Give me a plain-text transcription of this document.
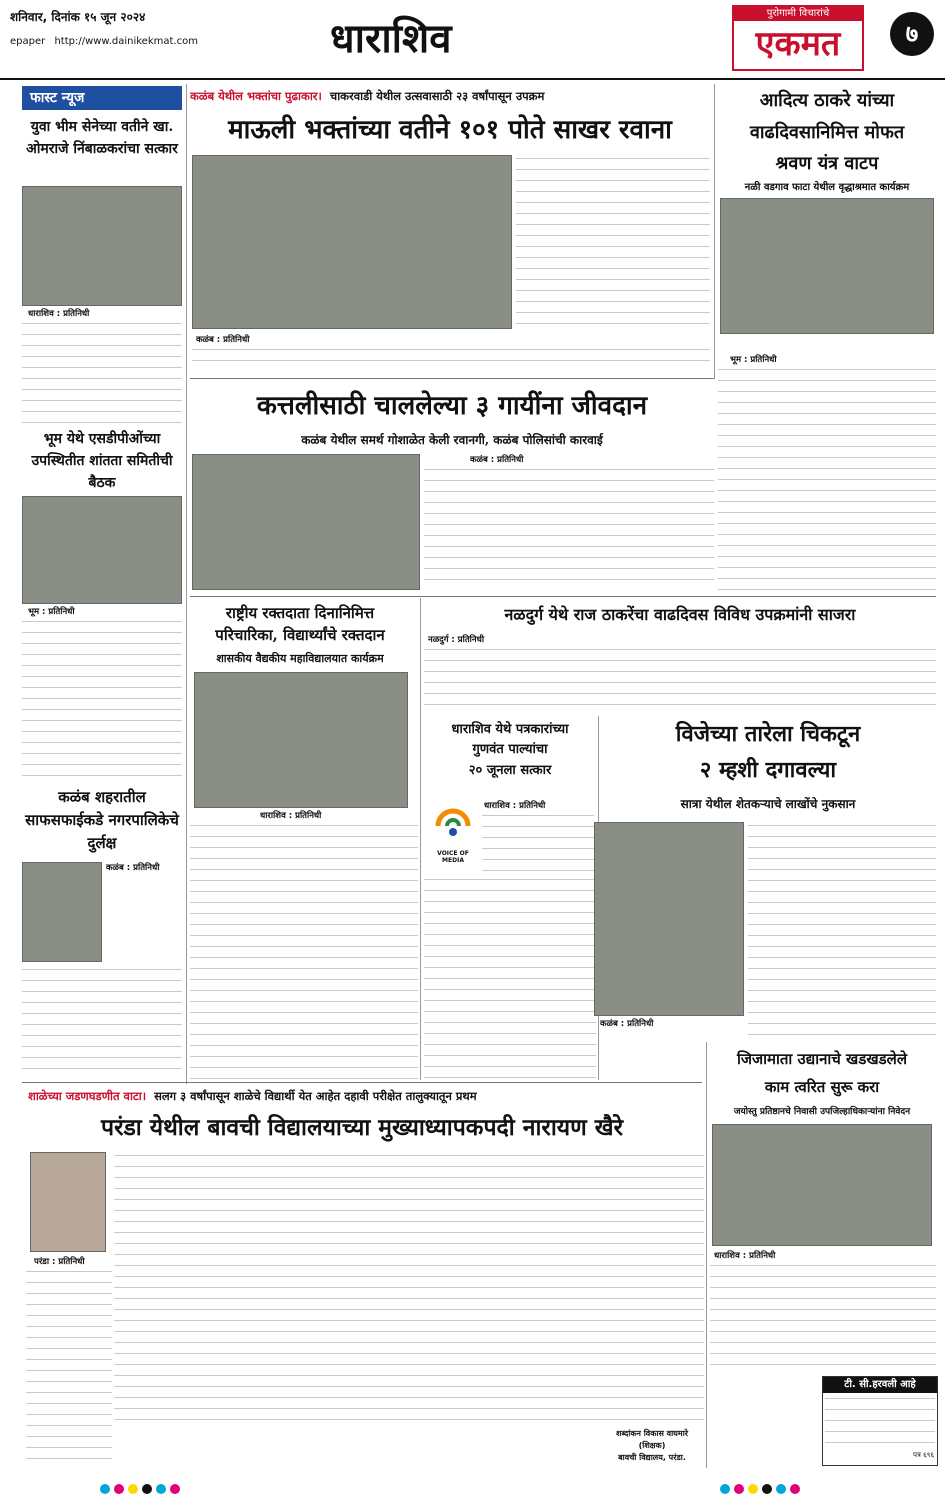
शनिवार, दिनांक १५ जून २०२४
epaper http://www.dainikekmat.com	धाराशिव
पुरोगामी विचारांचे
एकमत	७
फास्ट न्यूज
युवा भीम सेनेच्या वतीने खा. ओमराजे निंबाळकरांचा सत्कार
धाराशिव : प्रतिनिधी
भूम येथे एसडीपीओंच्या उपस्थितीत शांतता समितीची बैठक
भूम : प्रतिनिधी
कळंब शहरातील साफसफाईकडे नगरपालिकेचे दुर्लक्ष
कळंब : प्रतिनिधी
कळंब येथील भक्तांचा पुढाकार। चाकरवाडी येथील उत्सवासाठी २३ वर्षांपासून उपक्रम
माऊली भक्तांच्या वतीने १०१ पोते साखर रवाना
कळंब : प्रतिनिधी
आदित्य ठाकरे यांच्या
वाढदिवसानिमित्त मोफत
श्रवण यंत्र वाटप
नळी वडगाव फाटा येथील वृद्धाश्रमात कार्यक्रम
भूम : प्रतिनिधी
कत्तलीसाठी चाललेल्या ३ गायींना जीवदान
कळंब येथील समर्थ गोशाळेत केली रवानगी, कळंब पोलिसांची कारवाई
कळंब : प्रतिनिधी
राष्ट्रीय रक्तदाता दिनानिमित्त
परिचारिका, विद्यार्थ्यांचे रक्तदान
शासकीय वैद्यकीय महाविद्यालयात कार्यक्रम
धाराशिव : प्रतिनिधी
नळदुर्ग येथे राज ठाकरेंचा वाढदिवस विविध उपक्रमांनी साजरा
नळदुर्ग : प्रतिनिधी
धाराशिव येथे पत्रकारांच्या
गुणवंत पाल्यांचा
२० जूनला सत्कार
VOICE OF MEDIA
धाराशिव : प्रतिनिधी
विजेच्या तारेला चिकटून
२ म्हशी दगावल्या
सात्रा येथील शेतकऱ्याचे लाखोंचे नुकसान
कळंब : प्रतिनिधी
शाळेच्या जडणघडणीत वाटा। सलग ३ वर्षांपासून शाळेचे विद्यार्थी येत आहेत दहावी परीक्षेत तालुक्यातून प्रथम
परंडा येथील बावची विद्यालयाच्या मुख्याध्यापकपदी नारायण खैरे
परंडा : प्रतिनिधी
शब्दांकन विकास वाघमारे
(शिक्षक)
बावची विद्यालय, परंडा.
जिजामाता उद्यानाचे खडखडलेले
काम त्वरित सुरू करा
जयोस्तु प्रतिष्ठानचे निवासी उपजिल्हाधिकाऱ्यांना निवेदन
धाराशिव : प्रतिनिधी
टी. सी.हरवली आहे
पत्र ६९६
